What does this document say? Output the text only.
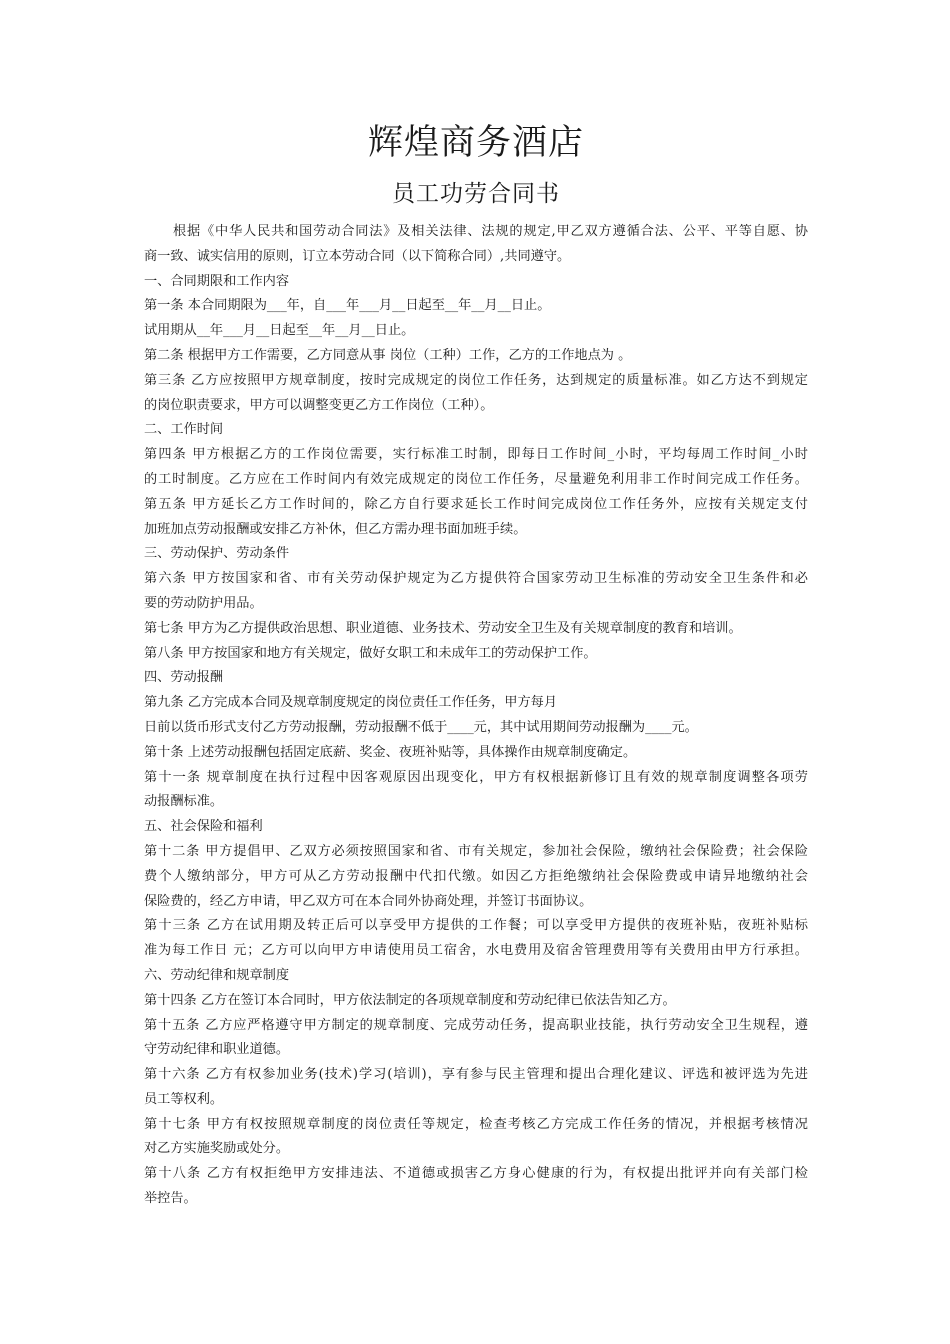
辉煌商务酒店
员工功劳合同书
根据《中华人民共和国劳动合同法》及相关法律、法规的规定,甲乙双方遵循合法、公平、平等自愿、协
商一致、诚实信用的原则，订立本劳动合同（以下简称合同）,共同遵守。
一、合同期限和工作内容
第一条 本合同期限为___年，自___年___月__日起至__年__月__日止。
试用期从__年___月__日起至__年__月__日止。
第二条 根据甲方工作需要，乙方同意从事 岗位（工种）工作，乙方的工作地点为 。
第三条 乙方应按照甲方规章制度，按时完成规定的岗位工作任务，达到规定的质量标准。如乙方达不到规定
的岗位职责要求，甲方可以调整变更乙方工作岗位（工种）。
二、工作时间
第四条 甲方根据乙方的工作岗位需要，实行标准工时制，即每日工作时间_小时，平均每周工作时间_小时
的工时制度。乙方应在工作时间内有效完成规定的岗位工作任务，尽量避免利用非工作时间完成工作任务。
第五条 甲方延长乙方工作时间的，除乙方自行要求延长工作时间完成岗位工作任务外，应按有关规定支付
加班加点劳动报酬或安排乙方补休，但乙方需办理书面加班手续。
三、劳动保护、劳动条件
第六条 甲方按国家和省、市有关劳动保护规定为乙方提供符合国家劳动卫生标准的劳动安全卫生条件和必
要的劳动防护用品。
第七条 甲方为乙方提供政治思想、职业道德、业务技术、劳动安全卫生及有关规章制度的教育和培训。
第八条 甲方按国家和地方有关规定，做好女职工和未成年工的劳动保护工作。
四、劳动报酬
第九条 乙方完成本合同及规章制度规定的岗位责任工作任务，甲方每月
日前以货币形式支付乙方劳动报酬，劳动报酬不低于____元，其中试用期间劳动报酬为____元。
第十条 上述劳动报酬包括固定底薪、奖金、夜班补贴等，具体操作由规章制度确定。
第十一条 规章制度在执行过程中因客观原因出现变化，甲方有权根据新修订且有效的规章制度调整各项劳
动报酬标准。
五、社会保险和福利
第十二条 甲方提倡甲、乙双方必须按照国家和省、市有关规定，参加社会保险，缴纳社会保险费；社会保险
费个人缴纳部分，甲方可从乙方劳动报酬中代扣代缴。如因乙方拒绝缴纳社会保险费或申请异地缴纳社会
保险费的，经乙方申请，甲乙双方可在本合同外协商处理，并签订书面协议。
第十三条 乙方在试用期及转正后可以享受甲方提供的工作餐；可以享受甲方提供的夜班补贴，夜班补贴标
准为每工作日 元；乙方可以向甲方申请使用员工宿舍，水电费用及宿舍管理费用等有关费用由甲方行承担。
六、劳动纪律和规章制度
第十四条 乙方在签订本合同时，甲方依法制定的各项规章制度和劳动纪律已依法告知乙方。
第十五条 乙方应严格遵守甲方制定的规章制度、完成劳动任务，提高职业技能，执行劳动安全卫生规程，遵
守劳动纪律和职业道德。
第十六条 乙方有权参加业务(技术)学习(培训)，享有参与民主管理和提出合理化建议、评选和被评选为先进
员工等权利。
第十七条 甲方有权按照规章制度的岗位责任等规定，检查考核乙方完成工作任务的情况，并根据考核情况
对乙方实施奖励或处分。
第十八条 乙方有权拒绝甲方安排违法、不道德或损害乙方身心健康的行为，有权提出批评并向有关部门检
举控告。
